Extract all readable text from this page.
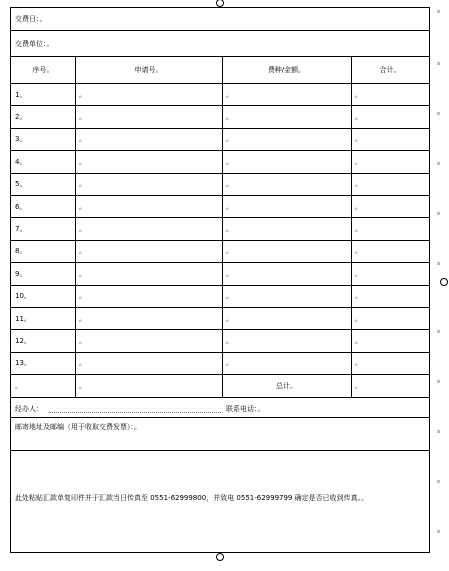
交费日：。
交费单位：。
序号。	申请号。	费种/金额。	合计。
1。	。	。	。
2。	。	。	。
3。	。	。	。
4。	。	。	。
5。	。	。	。
6。	。	。	。
7。	。	。	。
8。	。	。	。
9。	。	。	。
10。	。	。	。
11。	。	。	。
12。	。	。	。
13。	。	。	。
。	。	总计。	。
经办人：	联系电话：。
邮寄地址及邮编（用于收取交费发票）：。
此处粘贴汇款单复印件并于汇款当日传真至 0551-62999800，并致电 0551-62999799 确定是否已收到传真。。
